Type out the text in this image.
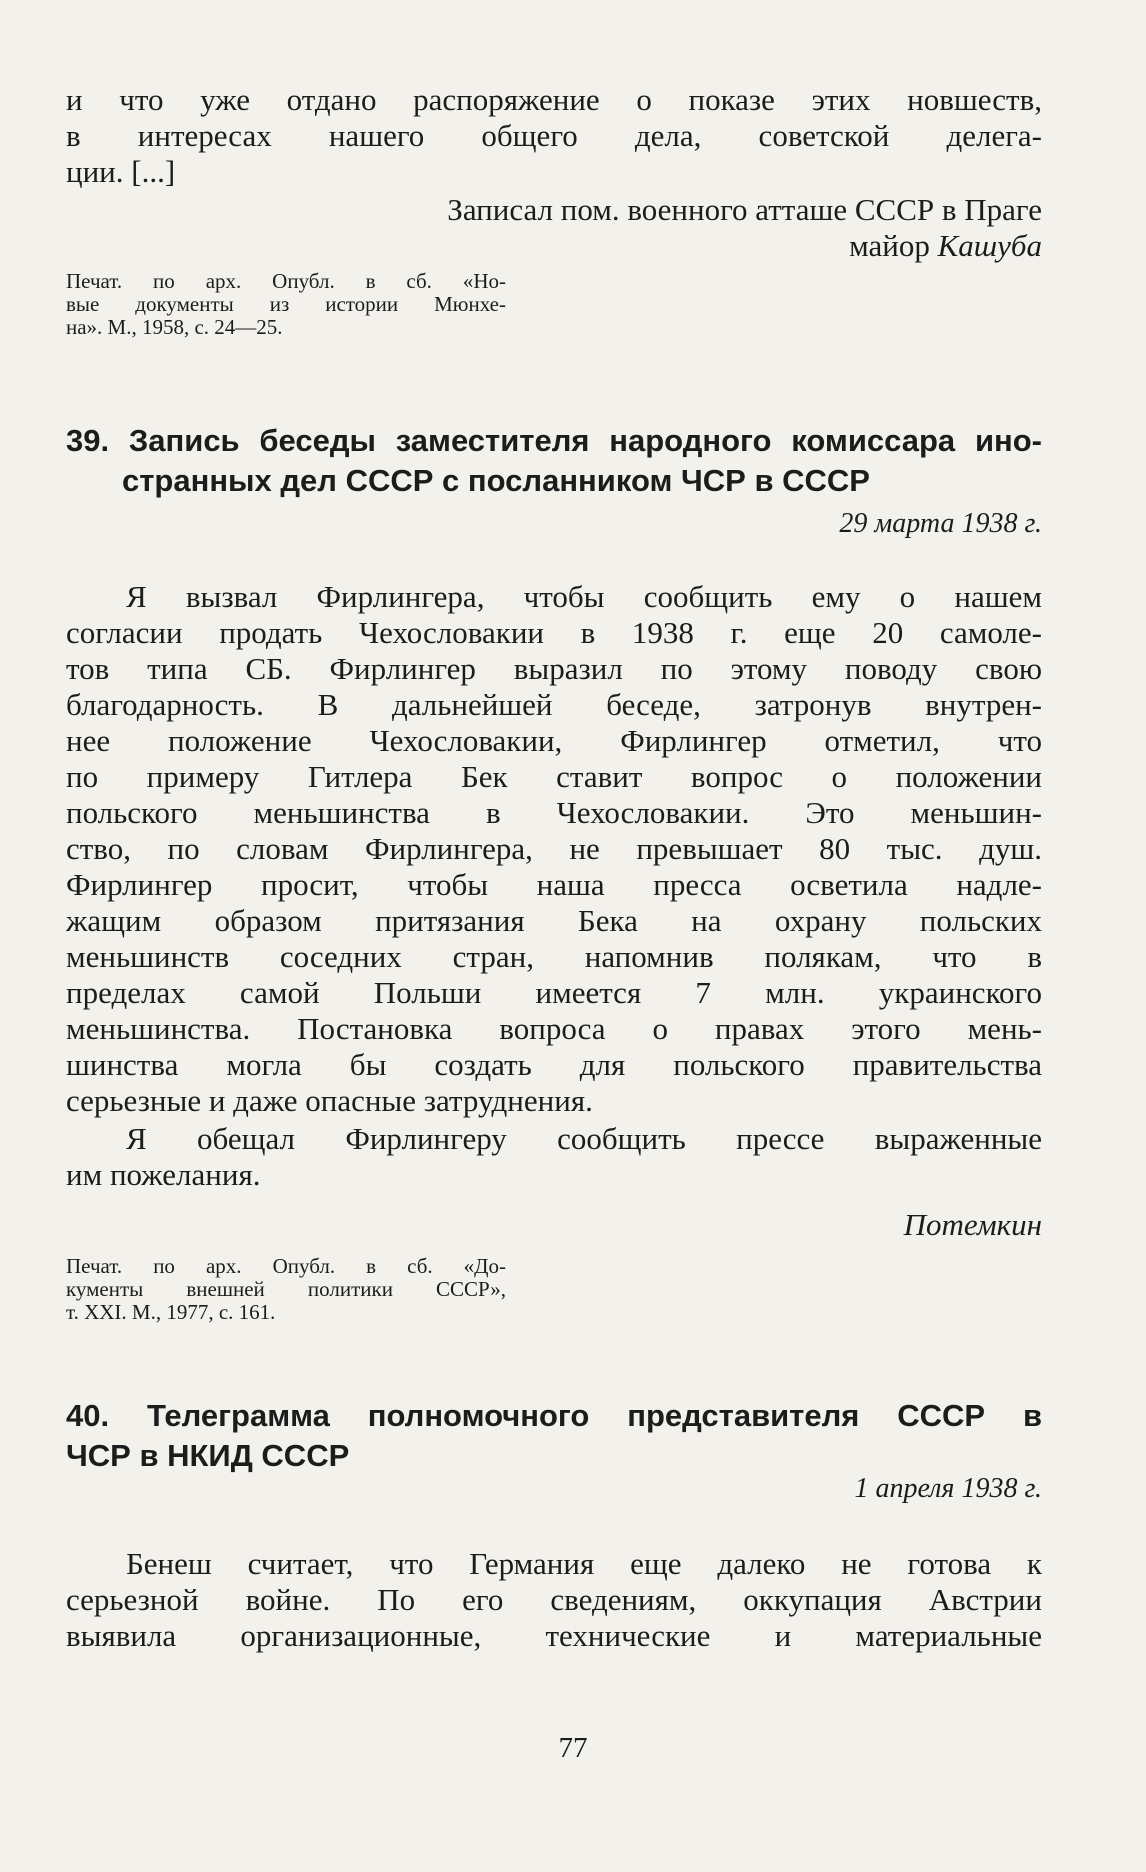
и что уже отдано распоряжение о показе этих новшеств,
в интересах нашего общего дела, советской делега-
ции. [...]
Записал пом. военного атташе СССР в Праге
майор Кашуба
Печат. по арх. Опубл. в сб. «Но-
вые документы из истории Мюнхе-
на». М., 1958, с. 24—25.
39. Запись беседы заместителя народного комиссара ино-
странных дел СССР с посланником ЧСР в СССР
29 марта 1938 г.
Я вызвал Фирлингера, чтобы сообщить ему о нашем
согласии продать Чехословакии в 1938 г. еще 20 самоле-
тов типа СБ. Фирлингер выразил по этому поводу свою
благодарность. В дальнейшей беседе, затронув внутрен-
нее положение Чехословакии, Фирлингер отметил, что
по примеру Гитлера Бек ставит вопрос о положении
польского меньшинства в Чехословакии. Это меньшин-
ство, по словам Фирлингера, не превышает 80 тыс. душ.
Фирлингер просит, чтобы наша пресса осветила надле-
жащим образом притязания Бека на охрану польских
меньшинств соседних стран, напомнив полякам, что в
пределах самой Польши имеется 7 млн. украинского
меньшинства. Постановка вопроса о правах этого мень-
шинства могла бы создать для польского правительства
серьезные и даже опасные затруднения.
Я обещал Фирлингеру сообщить прессе выраженные
им пожелания.
Потемкин
Печат. по арх. Опубл. в сб. «До-
кументы внешней политики СССР»,
т. XXI. М., 1977, с. 161.
40. Телеграмма полномочного представителя СССР в
ЧСР в НКИД СССР
1 апреля 1938 г.
Бенеш считает, что Германия еще далеко не готова к
серьезной войне. По его сведениям, оккупация Австрии
выявила организационные, технические и материальные
77
